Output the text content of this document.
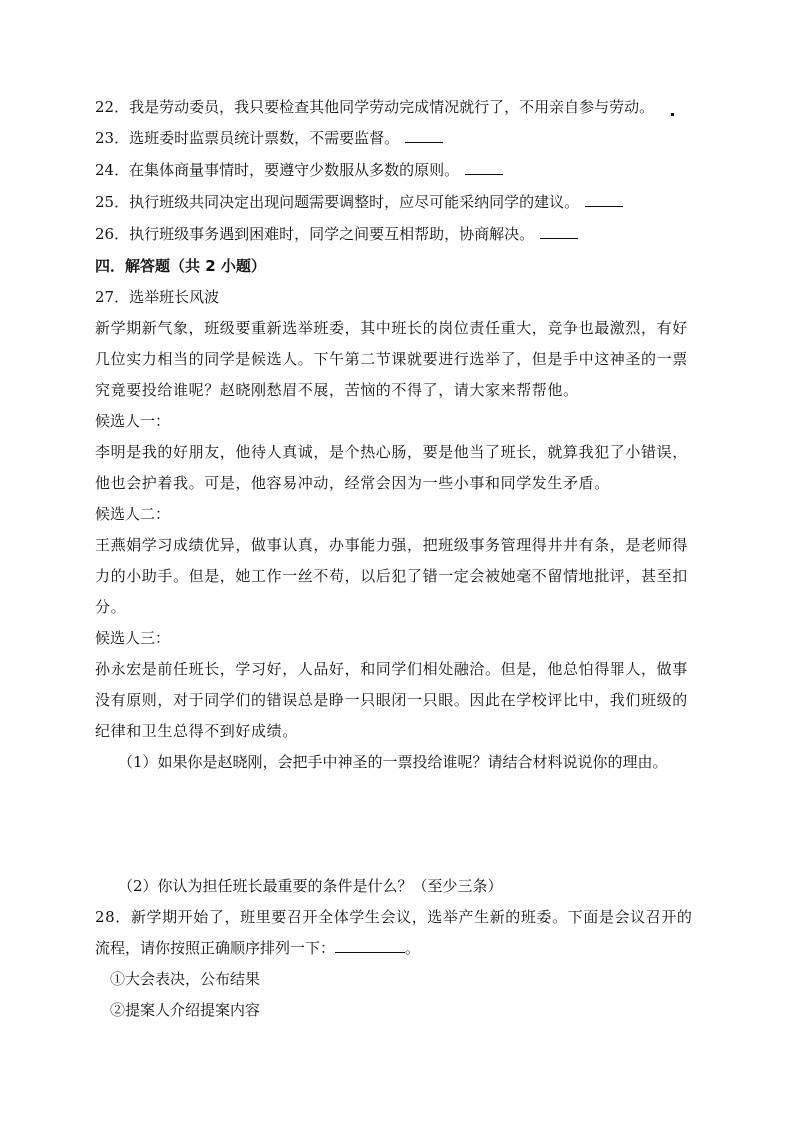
22．我是劳动委员，我只要检查其他同学劳动完成情况就行了，不用亲自参与劳动。
23．选班委时监票员统计票数，不需要监督。
24．在集体商量事情时，要遵守少数服从多数的原则。
25．执行班级共同决定出现问题需要调整时，应尽可能采纳同学的建议。
26．执行班级事务遇到困难时，同学之间要互相帮助，协商解决。
四．解答题（共 2 小题）
27．选举班长风波
新学期新气象，班级要重新选举班委，其中班长的岗位责任重大，竞争也最激烈，有好
几位实力相当的同学是候选人。下午第二节课就要进行选举了，但是手中这神圣的一票
究竟要投给谁呢？赵晓刚愁眉不展，苦恼的不得了，请大家来帮帮他。
候选人一：
李明是我的好朋友，他待人真诚，是个热心肠，要是他当了班长，就算我犯了小错误，
他也会护着我。可是，他容易冲动，经常会因为一些小事和同学发生矛盾。
候选人二：
王燕娟学习成绩优异，做事认真，办事能力强，把班级事务管理得井井有条，是老师得
力的小助手。但是，她工作一丝不苟，以后犯了错一定会被她毫不留情地批评，甚至扣
分。
候选人三：
孙永宏是前任班长，学习好，人品好，和同学们相处融洽。但是，他总怕得罪人，做事
没有原则，对于同学们的错误总是睁一只眼闭一只眼。因此在学校评比中，我们班级的
纪律和卫生总得不到好成绩。
（1）如果你是赵晓刚，会把手中神圣的一票投给谁呢？请结合材料说说你的理由。
（2）你认为担任班长最重要的条件是什么？（至少三条）
28．新学期开始了，班里要召开全体学生会议，选举产生新的班委。下面是会议召开的
流程，请你按照正确顺序排列一下：	。
①大会表决，公布结果
②提案人介绍提案内容
